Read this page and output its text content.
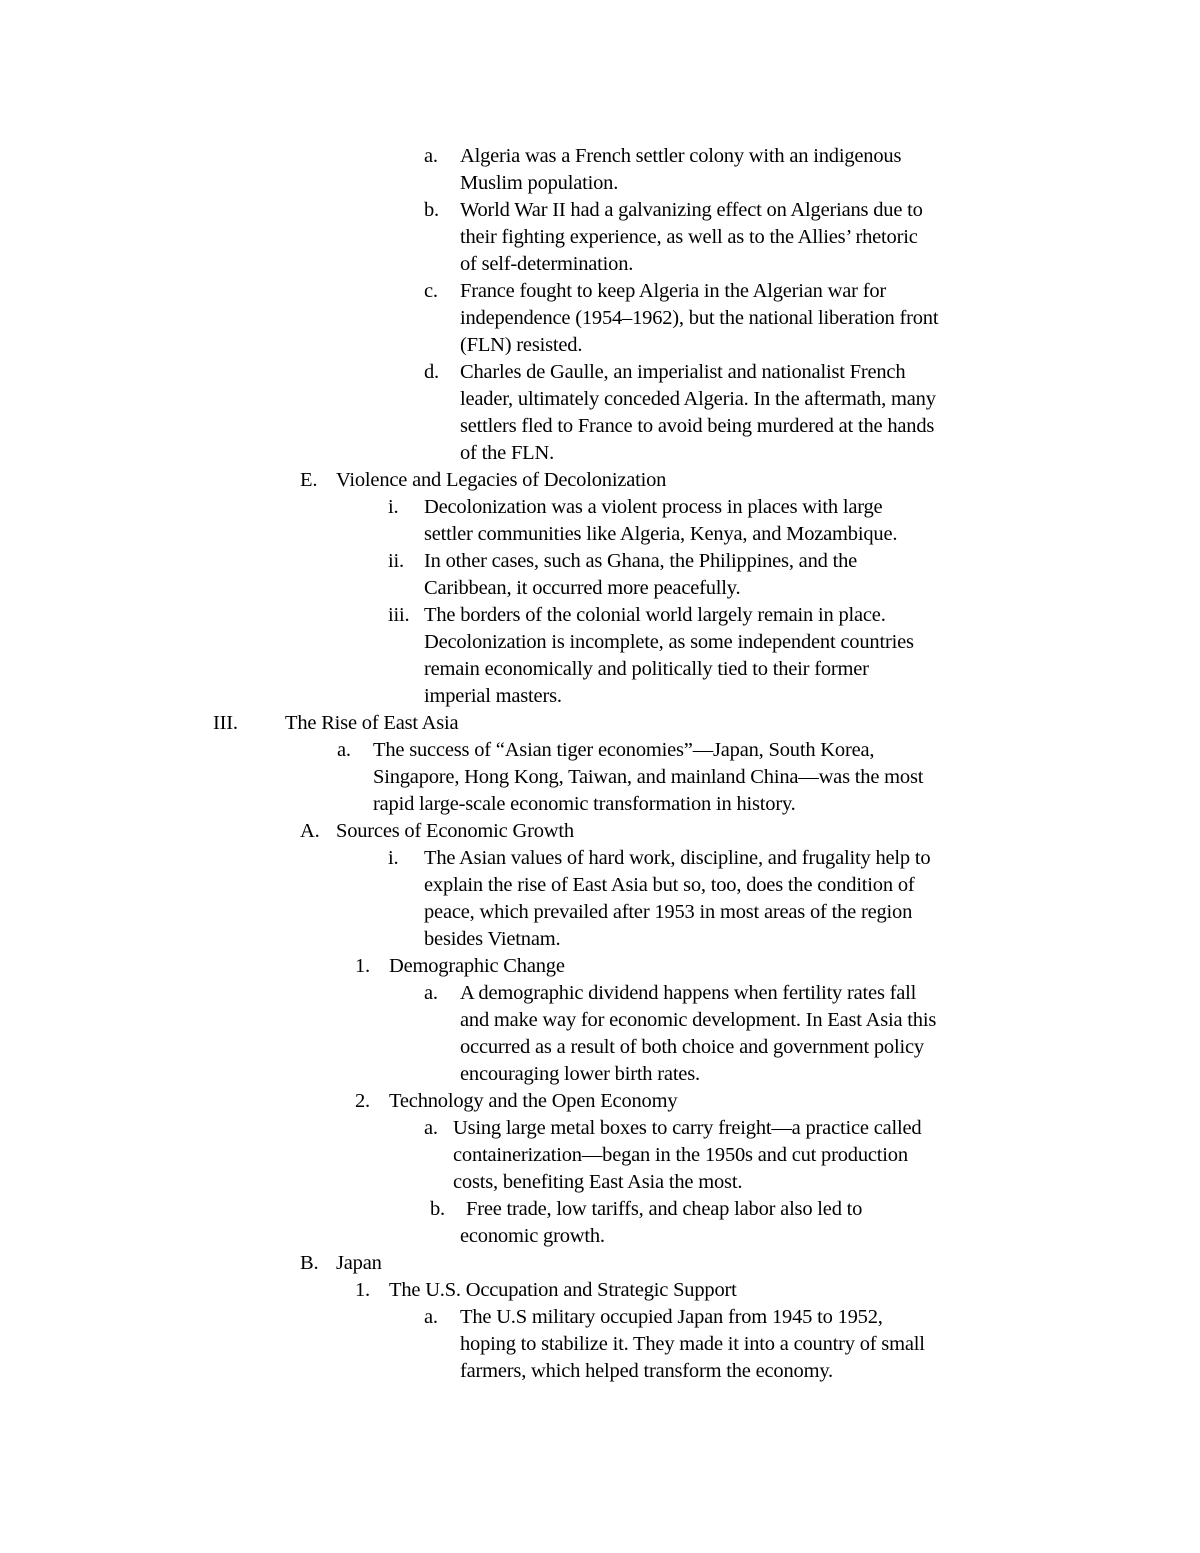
a. Algeria was a French settler colony with an indigenous
Muslim population.
b. World War II had a galvanizing effect on Algerians due to
their fighting experience, as well as to the Allies’ rhetoric
of self-determination.
c. France fought to keep Algeria in the Algerian war for
independence (1954–1962), but the national liberation front
(FLN) resisted.
d. Charles de Gaulle, an imperialist and nationalist French
leader, ultimately conceded Algeria. In the aftermath, many
settlers fled to France to avoid being murdered at the hands
of the FLN.
E. Violence and Legacies of Decolonization
i. Decolonization was a violent process in places with large
settler communities like Algeria, Kenya, and Mozambique.
ii. In other cases, such as Ghana, the Philippines, and the
Caribbean, it occurred more peacefully.
iii. The borders of the colonial world largely remain in place.
Decolonization is incomplete, as some independent countries
remain economically and politically tied to their former
imperial masters.
III. The Rise of East Asia
a. The success of “Asian tiger economies”—Japan, South Korea,
Singapore, Hong Kong, Taiwan, and mainland China—was the most
rapid large-scale economic transformation in history.
A. Sources of Economic Growth
i. The Asian values of hard work, discipline, and frugality help to
explain the rise of East Asia but so, too, does the condition of
peace, which prevailed after 1953 in most areas of the region
besides Vietnam.
1. Demographic Change
a. A demographic dividend happens when fertility rates fall
and make way for economic development. In East Asia this
occurred as a result of both choice and government policy
encouraging lower birth rates.
2. Technology and the Open Economy
a. Using large metal boxes to carry freight—a practice called
containerization—began in the 1950s and cut production
costs, benefiting East Asia the most.
b. Free trade, low tariffs, and cheap labor also led to
economic growth.
B. Japan
1. The U.S. Occupation and Strategic Support
a. The U.S military occupied Japan from 1945 to 1952,
hoping to stabilize it. They made it into a country of small
farmers, which helped transform the economy.
